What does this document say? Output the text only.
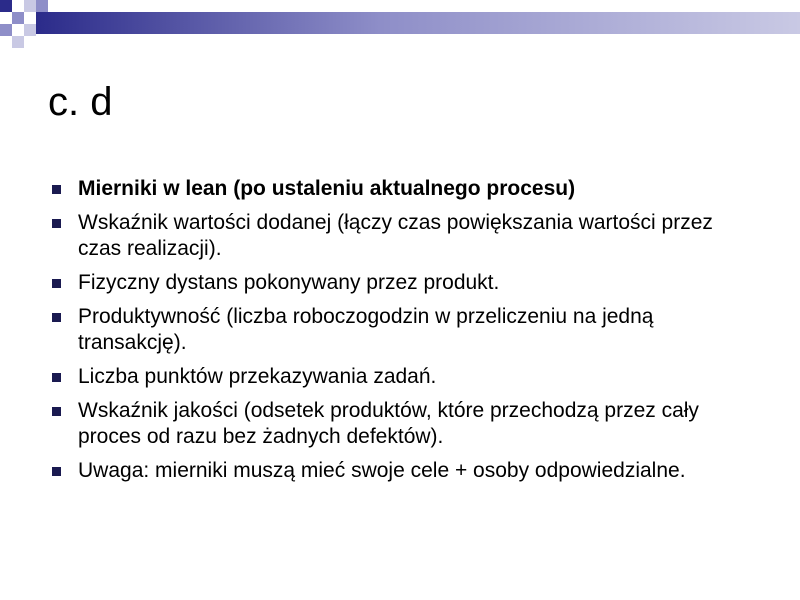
c. d
Mierniki w lean (po ustaleniu aktualnego procesu)
Wskaźnik wartości dodanej (łączy czas powiększania wartości przez czas realizacji).
Fizyczny dystans pokonywany przez produkt.
Produktywność (liczba roboczogodzin w przeliczeniu na jedną transakcję).
Liczba punktów przekazywania zadań.
Wskaźnik jakości (odsetek produktów, które przechodzą przez cały proces od razu bez żadnych defektów).
Uwaga: mierniki muszą mieć swoje cele + osoby odpowiedzialne.
